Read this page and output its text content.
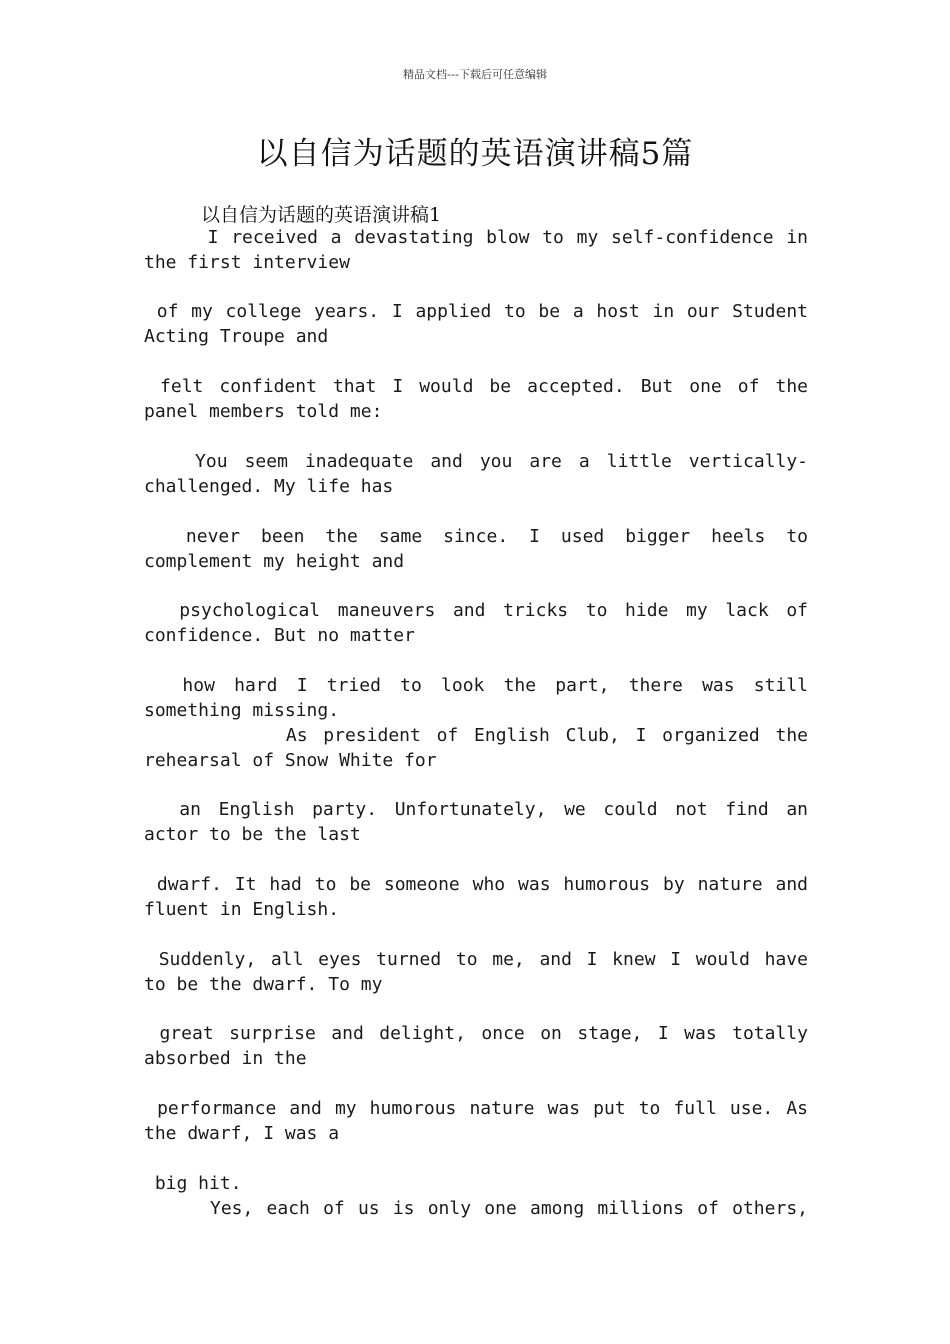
精品文档---下载后可任意编辑
以自信为话题的英语演讲稿5篇
以自信为话题的英语演讲稿1
I received a devastating blow to my self-confidence in
the first interview
of my college years. I applied to be a host in our Student
Acting Troupe and
felt confident that I would be accepted. But one of the
panel members told me:
You seem inadequate and you are a little vertically-
challenged. My life has
never been the same since. I used bigger heels to
complement my height and
psychological maneuvers and tricks to hide my lack of
confidence. But no matter
how hard I tried to look the part, there was still
something missing.
As president of English Club, I organized the
rehearsal of Snow White for
an English party. Unfortunately, we could not find an
actor to be the last
dwarf. It had to be someone who was humorous by nature and
fluent in English.
Suddenly, all eyes turned to me, and I knew I would have
to be the dwarf. To my
great surprise and delight, once on stage, I was totally
absorbed in the
performance and my humorous nature was put to full use. As
the dwarf, I was a
big hit.
Yes, each of us is only one among millions of others,
